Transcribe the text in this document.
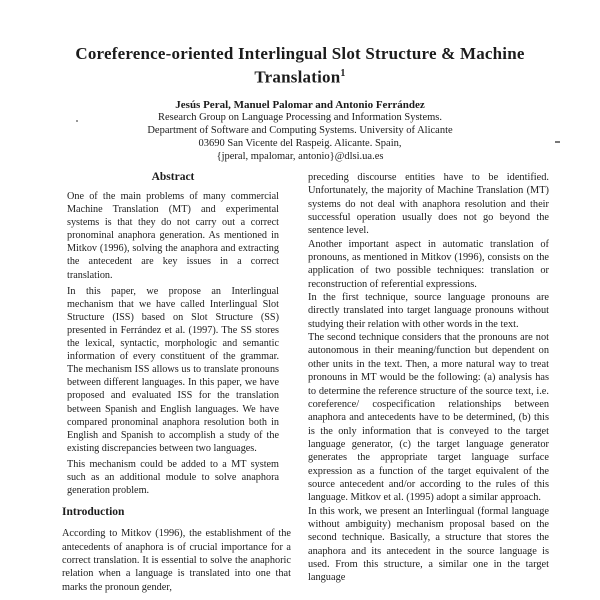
Coreference-oriented Interlingual Slot Structure & Machine
Translation$^1$
Jesús Peral, Manuel Palomar and Antonio Ferrández
Research Group on Language Processing and Information Systems.
Department of Software and Computing Systems. University of Alicante
03690 San Vicente del Raspeig. Alicante. Spain,
{jperal, mpalomar, antonio}@dlsi.ua.es
Abstract

One of the main problems of many commercial Machine Translation (MT) and experimental systems is that they do not carry out a correct pronominal anaphora generation. As mentioned in Mitkov (1996), solving the anaphora and extracting the antecedent are key issues in a correct translation.

In this paper, we propose an Interlingual mechanism that we have called Interlingual Slot Structure (ISS) based on Slot Structure (SS) presented in Ferrández et al. (1997). The SS stores the lexical, syntactic, morphologic and semantic information of every constituent of the grammar. The mechanism ISS allows us to translate pronouns between different languages. In this paper, we have proposed and evaluated ISS for the translation between Spanish and English languages. We have compared pronominal anaphora resolution both in English and Spanish to accomplish a study of the existing discrepancies between two languages.

This mechanism could be added to a MT system such as an additional module to solve anaphora generation problem.

Introduction

According to Mitkov (1996), the establishment of the antecedents of anaphora is of crucial importance for a correct translation. It is essential to solve the anaphoric relation when a language is translated into one that marks the pronoun gender,

preceding discourse entities have to be identified. Unfortunately, the majority of Machine Translation (MT) systems do not deal with anaphora resolution and their successful operation usually does not go beyond the sentence level.

Another important aspect in automatic translation of pronouns, as mentioned in Mitkov (1996), consists on the application of two possible techniques: translation or reconstruction of referential expressions.

In the first technique, source language pronouns are directly translated into target language pronouns without studying their relation with other words in the text.

The second technique considers that the pronouns are not autonomous in their meaning/function but dependent on other units in the text. Then, a more natural way to treat pronouns in MT would be the following: (a) analysis has to determine the reference structure of the source text, i.e. coreference/ cospecification relationships between anaphora and antecedents have to be determined, (b) this is the only information that is conveyed to the target language generator, (c) the target language generator generates the appropriate target language surface expression as a function of the target equivalent of the source antecedent and/or according to the rules of this language. Mitkov et al. (1995) adopt a similar approach.

In this work, we present an Interlingual (formal language without ambiguity) mechanism proposal based on the second technique. Basically, a structure that stores the anaphora and its antecedent in the source language is used. From this structure, a similar one in the target language
